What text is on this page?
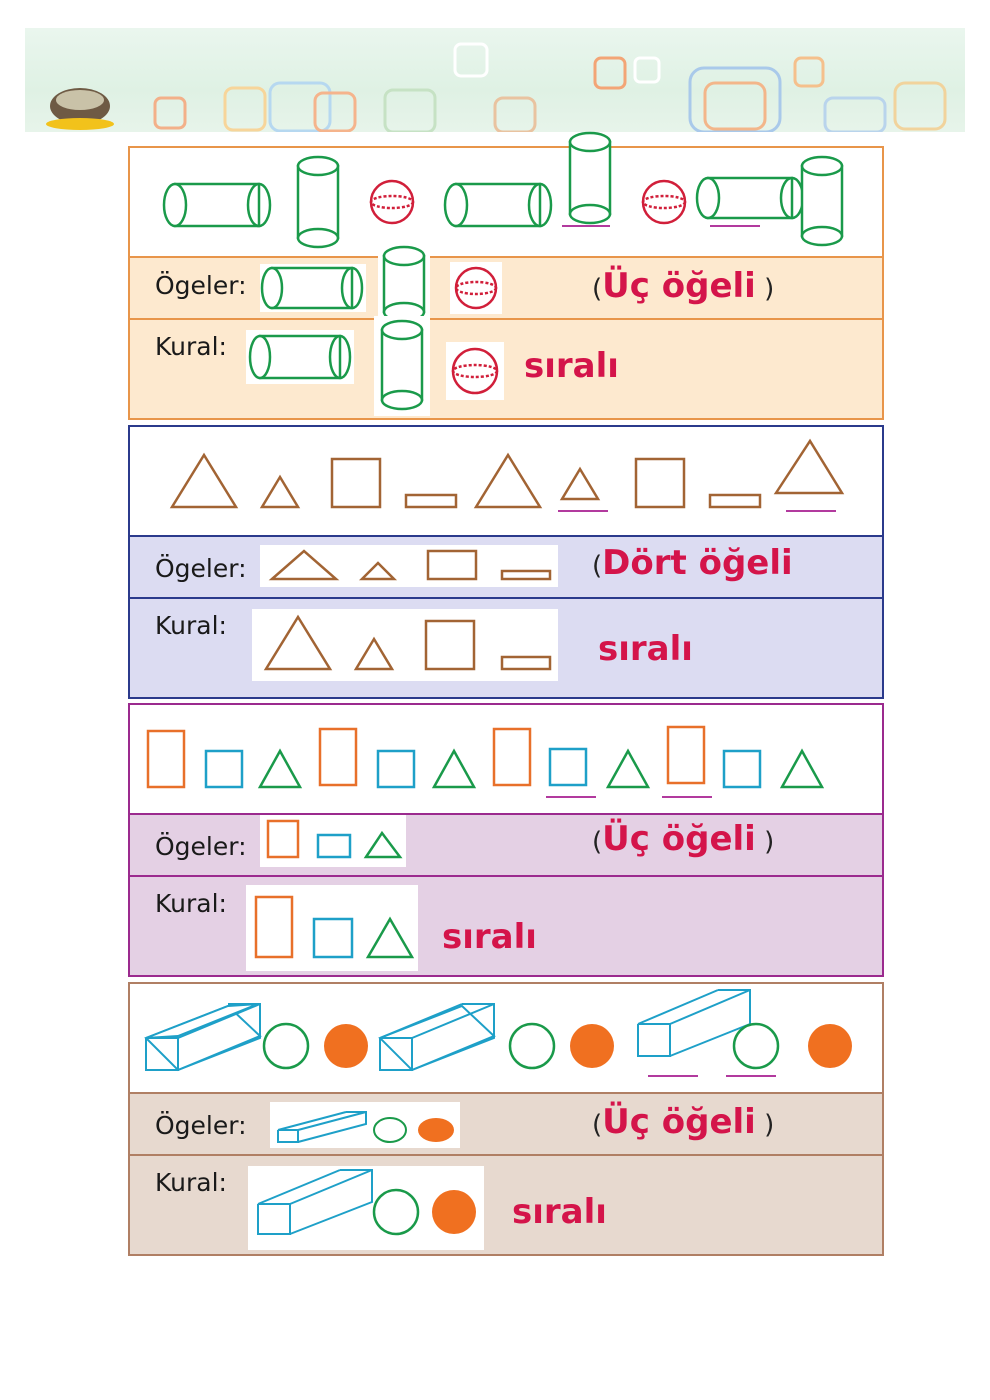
Ögeler:	(Üç öğeli )
Kural:	sıralı
Ögeler:	(Dört öğeli
Kural:
sıralı
Ögeler:	(Üç öğeli )
Kural:
sıralı
Ögeler:	(Üç öğeli )
Kural:
sıralı
